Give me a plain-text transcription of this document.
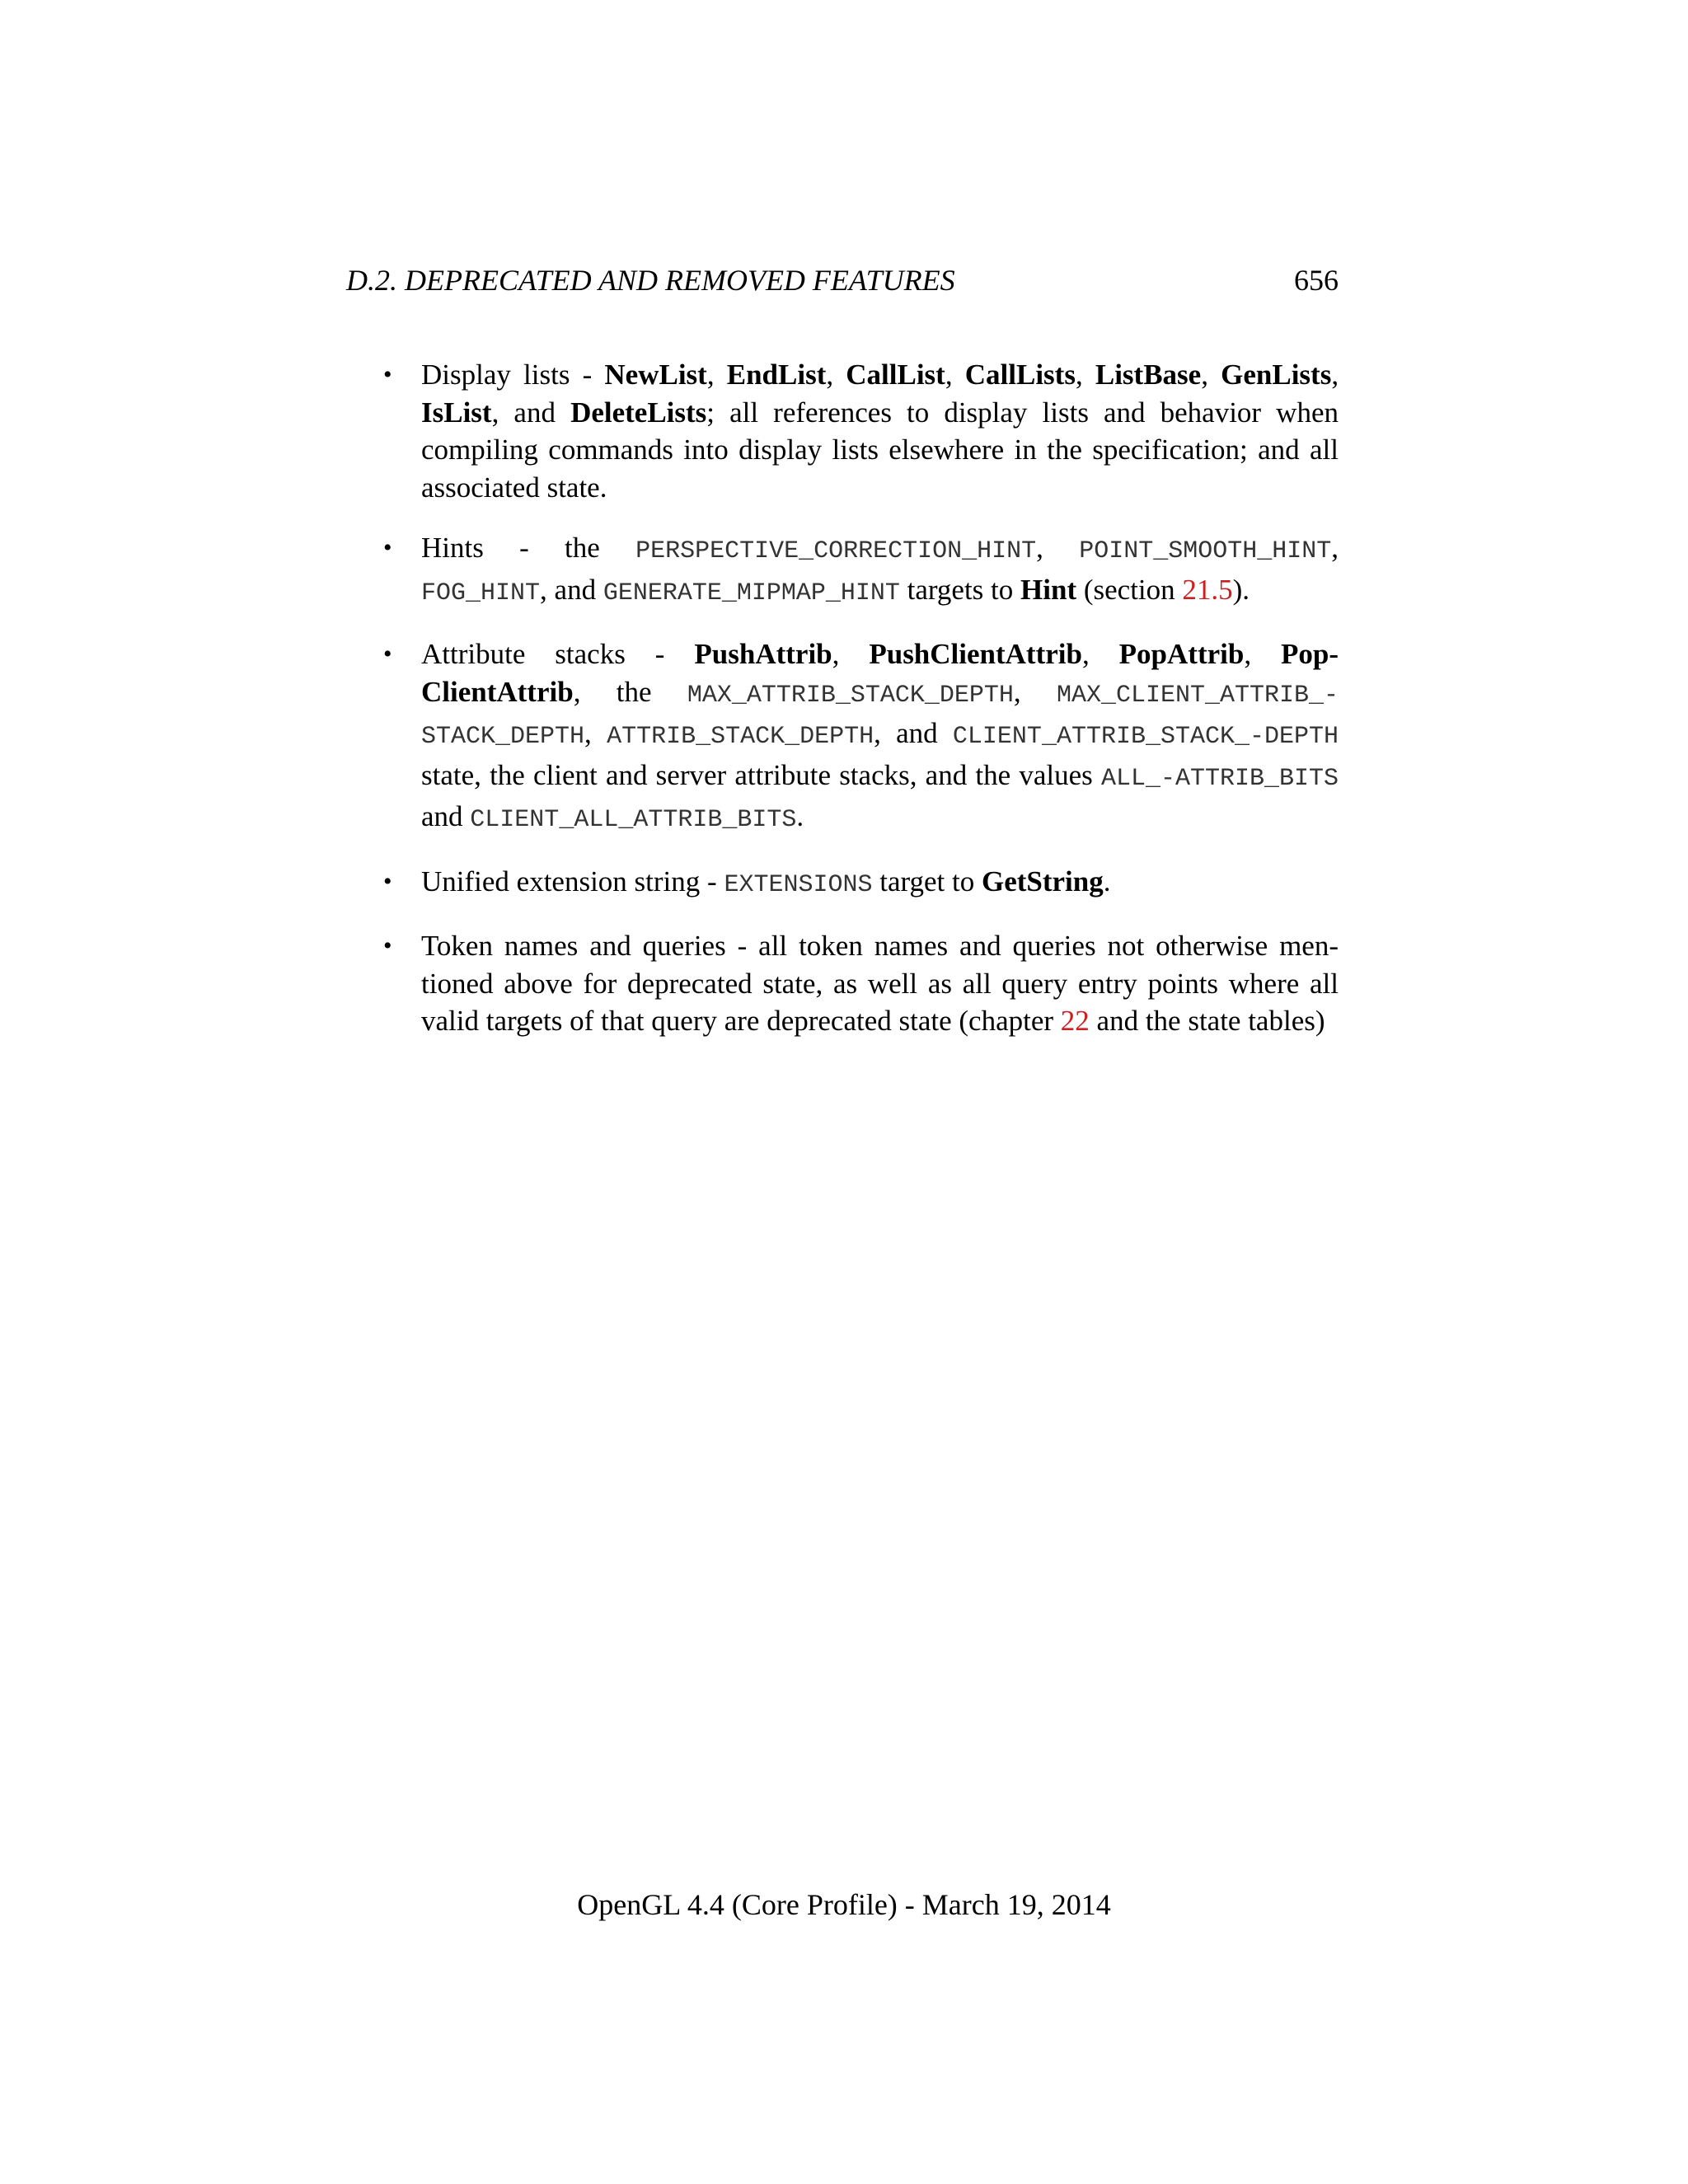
D.2. DEPRECATED AND REMOVED FEATURES	656
• Display lists - NewList, EndList, CallList, CallLists, ListBase, GenLists, IsList, and DeleteLists; all references to display lists and behavior when compiling commands into display lists elsewhere in the specification; and all associated state.
• Hints - the PERSPECTIVE_CORRECTION_HINT, POINT_SMOOTH_HINT, FOG_HINT, and GENERATE_MIPMAP_HINT targets to Hint (section 21.5).
• Attribute stacks - PushAttrib, PushClientAttrib, PopAttrib, Pop-ClientAttrib, the MAX_ATTRIB_STACK_DEPTH, MAX_CLIENT_ATTRIB_-STACK_DEPTH, ATTRIB_STACK_DEPTH, and CLIENT_ATTRIB_STACK_-DEPTH state, the client and server attribute stacks, and the values ALL_-ATTRIB_BITS and CLIENT_ALL_ATTRIB_BITS.
• Unified extension string - EXTENSIONS target to GetString.
• Token names and queries - all token names and queries not otherwise men-tioned above for deprecated state, as well as all query entry points where all valid targets of that query are deprecated state (chapter 22 and the state tables)
OpenGL 4.4 (Core Profile) - March 19, 2014
